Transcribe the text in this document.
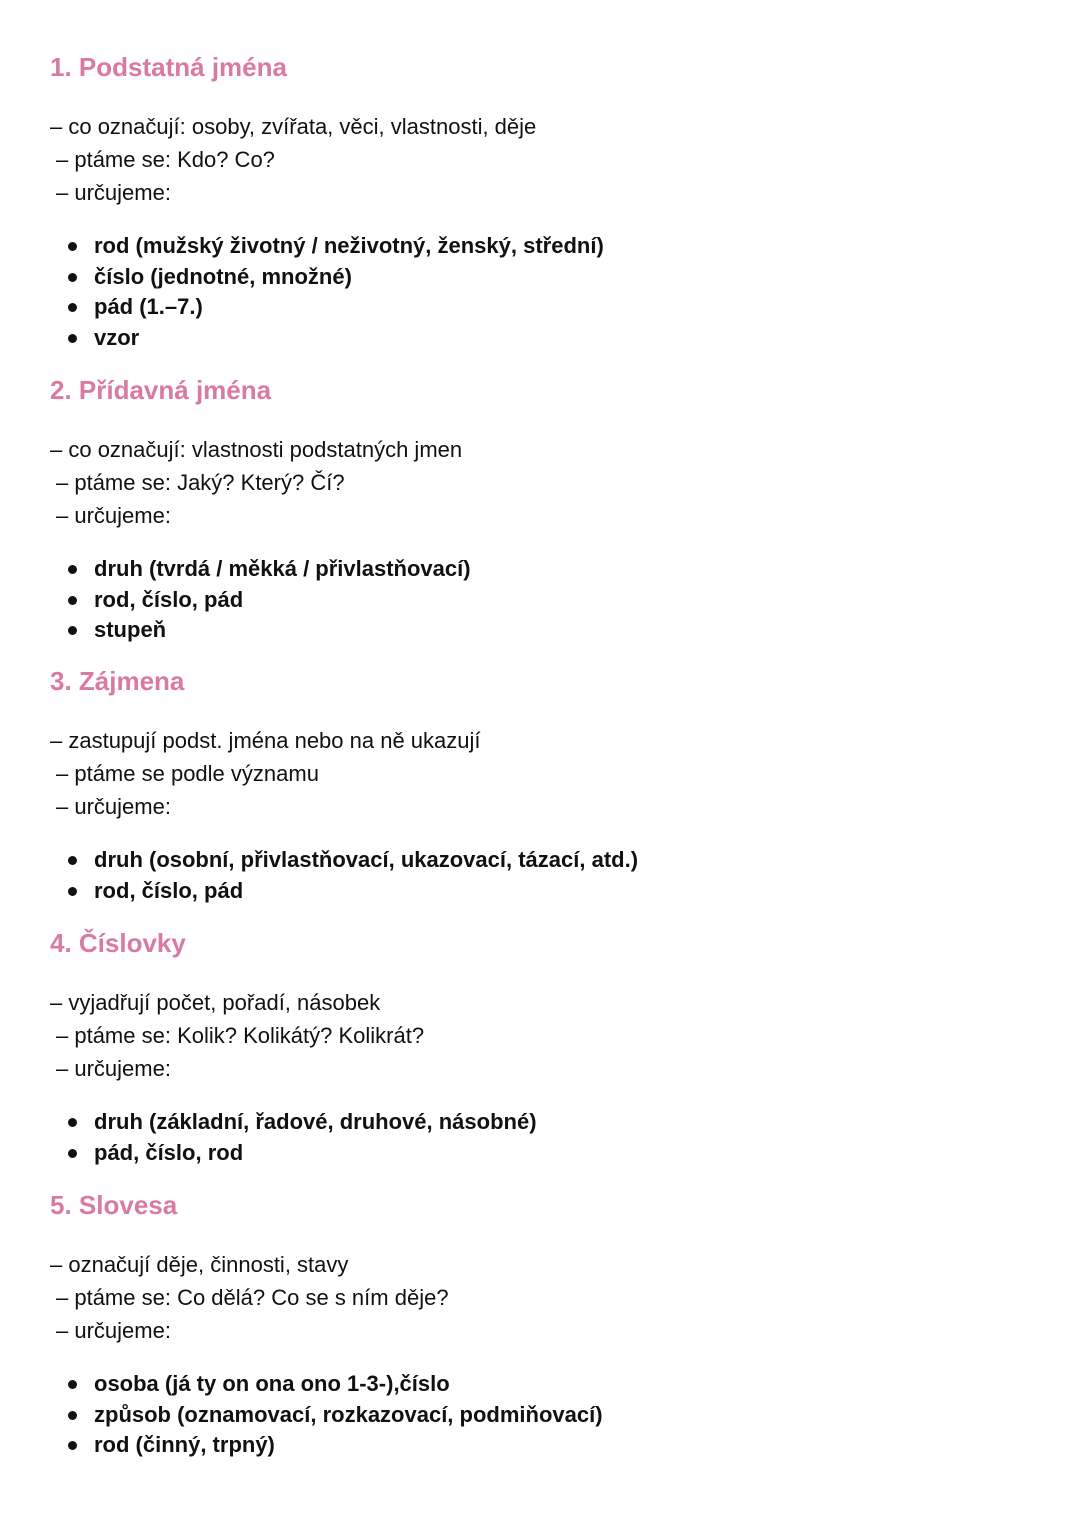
1. Podstatná jména
– co označují: osoby, zvířata, věci, vlastnosti, děje
– ptáme se: Kdo? Co?
– určujeme:
rod (mužský životný / neživotný, ženský, střední)
číslo (jednotné, množné)
pád (1.–7.)
vzor
2. Přídavná jména
– co označují: vlastnosti podstatných jmen
– ptáme se: Jaký? Který? Čí?
– určujeme:
druh (tvrdá / měkká / přivlastňovací)
rod, číslo, pád
stupeň
3. Zájmena
– zastupují podst. jména nebo na ně ukazují
– ptáme se podle významu
– určujeme:
druh (osobní, přivlastňovací, ukazovací, tázací, atd.)
rod, číslo, pád
4. Číslovky
– vyjadřují počet, pořadí, násobek
– ptáme se: Kolik? Kolikátý? Kolikrát?
– určujeme:
druh (základní, řadové, druhové, násobné)
pád, číslo, rod
5. Slovesa
– označují děje, činnosti, stavy
– ptáme se: Co dělá? Co se s ním děje?
– určujeme:
osoba (já ty on ona ono 1-3-),číslo
způsob (oznamovací, rozkazovací, podmiňovací)
rod (činný, trpný)
